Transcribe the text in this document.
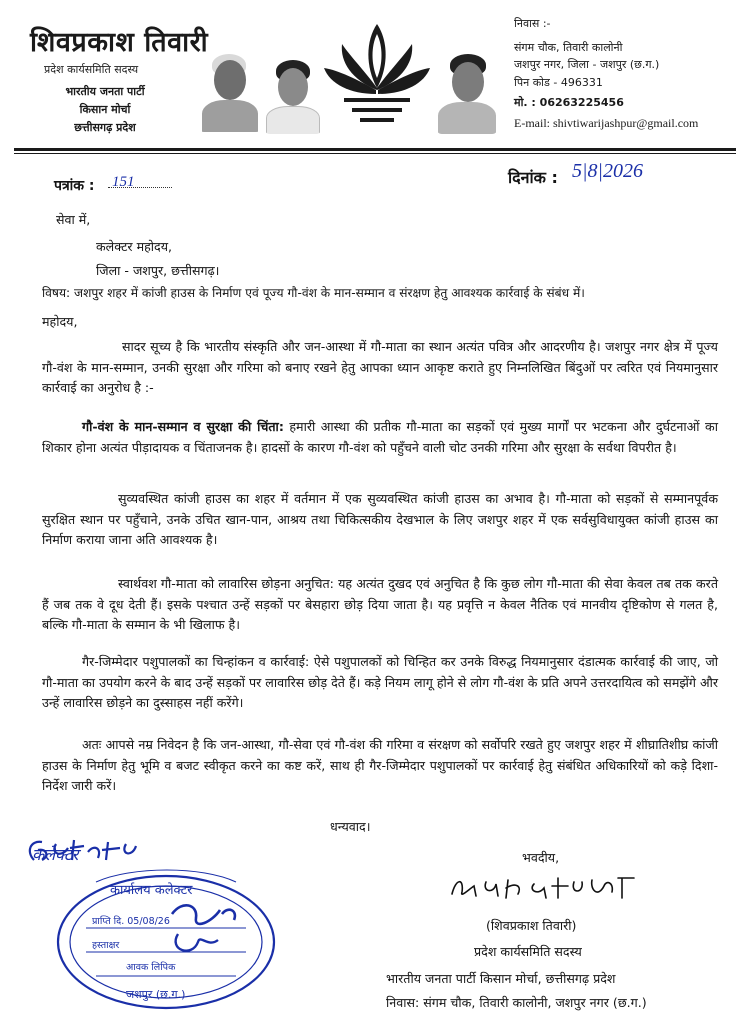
शिवप्रकाश तिवारी
प्रदेश कार्यसमिति सदस्य
भारतीय जनता पार्टी
किसान मोर्चा
छत्तीसगढ़ प्रदेश
निवास :-
संगम चौक, तिवारी कालोनी
जशपुर नगर, जिला - जशपुर (छ.ग.)
पिन कोड - 496331
मो. : 06263225456
E-mail: shivtiwarijashpur@gmail.com
पत्रांक : 151	दिनांक : 5|8|2026
सेवा में,
कलेक्टर महोदय,
जिला - जशपुर, छत्तीसगढ़।
विषय: जशपुर शहर में कांजी हाउस के निर्माण एवं पूज्य गौ-वंश के मान-सम्मान व संरक्षण हेतु आवश्यक कार्रवाई के संबंध में।
महोदय,
सादर सूच्य है कि भारतीय संस्कृति और जन-आस्था में गौ-माता का स्थान अत्यंत पवित्र और आदरणीय है। जशपुर नगर क्षेत्र में पूज्य गौ-वंश के मान-सम्मान, उनकी सुरक्षा और गरिमा को बनाए रखने हेतु आपका ध्यान आकृष्ट कराते हुए निम्नलिखित बिंदुओं पर त्वरित एवं नियमानुसार कार्रवाई का अनुरोध है :-
गौ-वंश के मान-सम्मान व सुरक्षा की चिंता: हमारी आस्था की प्रतीक गौ-माता का सड़कों एवं मुख्य मार्गों पर भटकना और दुर्घटनाओं का शिकार होना अत्यंत पीड़ादायक व चिंताजनक है। हादसों के कारण गौ-वंश को पहुँचने वाली चोट उनकी गरिमा और सुरक्षा के सर्वथा विपरीत है।
सुव्यवस्थित कांजी हाउस का शहर में वर्तमान में एक सुव्यवस्थित कांजी हाउस का अभाव है। गौ-माता को सड़कों से सम्मानपूर्वक सुरक्षित स्थान पर पहुँचाने, उनके उचित खान-पान, आश्रय तथा चिकित्सकीय देखभाल के लिए जशपुर शहर में एक सर्वसुविधायुक्त कांजी हाउस का निर्माण कराया जाना अति आवश्यक है।
स्वार्थवश गौ-माता को लावारिस छोड़ना अनुचित: यह अत्यंत दुखद एवं अनुचित है कि कुछ लोग गौ-माता की सेवा केवल तब तक करते हैं जब तक वे दूध देती हैं। इसके पश्चात उन्हें सड़कों पर बेसहारा छोड़ दिया जाता है। यह प्रवृत्ति न केवल नैतिक एवं मानवीय दृष्टिकोण से गलत है, बल्कि गौ-माता के सम्मान के भी खिलाफ है।
गैर-जिम्मेदार पशुपालकों का चिन्हांकन व कार्रवाई: ऐसे पशुपालकों को चिन्हित कर उनके विरुद्ध नियमानुसार दंडात्मक कार्रवाई की जाए, जो गौ-माता का उपयोग करने के बाद उन्हें सड़कों पर लावारिस छोड़ देते हैं। कड़े नियम लागू होने से लोग गौ-वंश के प्रति अपने उत्तरदायित्व को समझेंगे और उन्हें लावारिस छोड़ने का दुस्साहस नहीं करेंगे।
अतः आपसे नम्र निवेदन है कि जन-आस्था, गौ-सेवा एवं गौ-वंश की गरिमा व संरक्षण को सर्वोपरि रखते हुए जशपुर शहर में शीघ्रातिशीघ्र कांजी हाउस के निर्माण हेतु भूमि व बजट स्वीकृत करने का कष्ट करें, साथ ही गैर-जिम्मेदार पशुपालकों पर कार्रवाई हेतु संबंधित अधिकारियों को कड़े दिशा-निर्देश जारी करें।
धन्यवाद।
भवदीय,
(शिवप्रकाश तिवारी)
प्रदेश कार्यसमिति सदस्य
भारतीय जनता पार्टी किसान मोर्चा, छत्तीसगढ़ प्रदेश
निवास: संगम चौक, तिवारी कालोनी, जशपुर नगर (छ.ग.)
कार्यालय कलेक्टर
प्राप्ति दि. 05/08/26
हस्ताक्षर
आवक लिपिक
जशपुर (छ.ग.)
कलेक्टर
